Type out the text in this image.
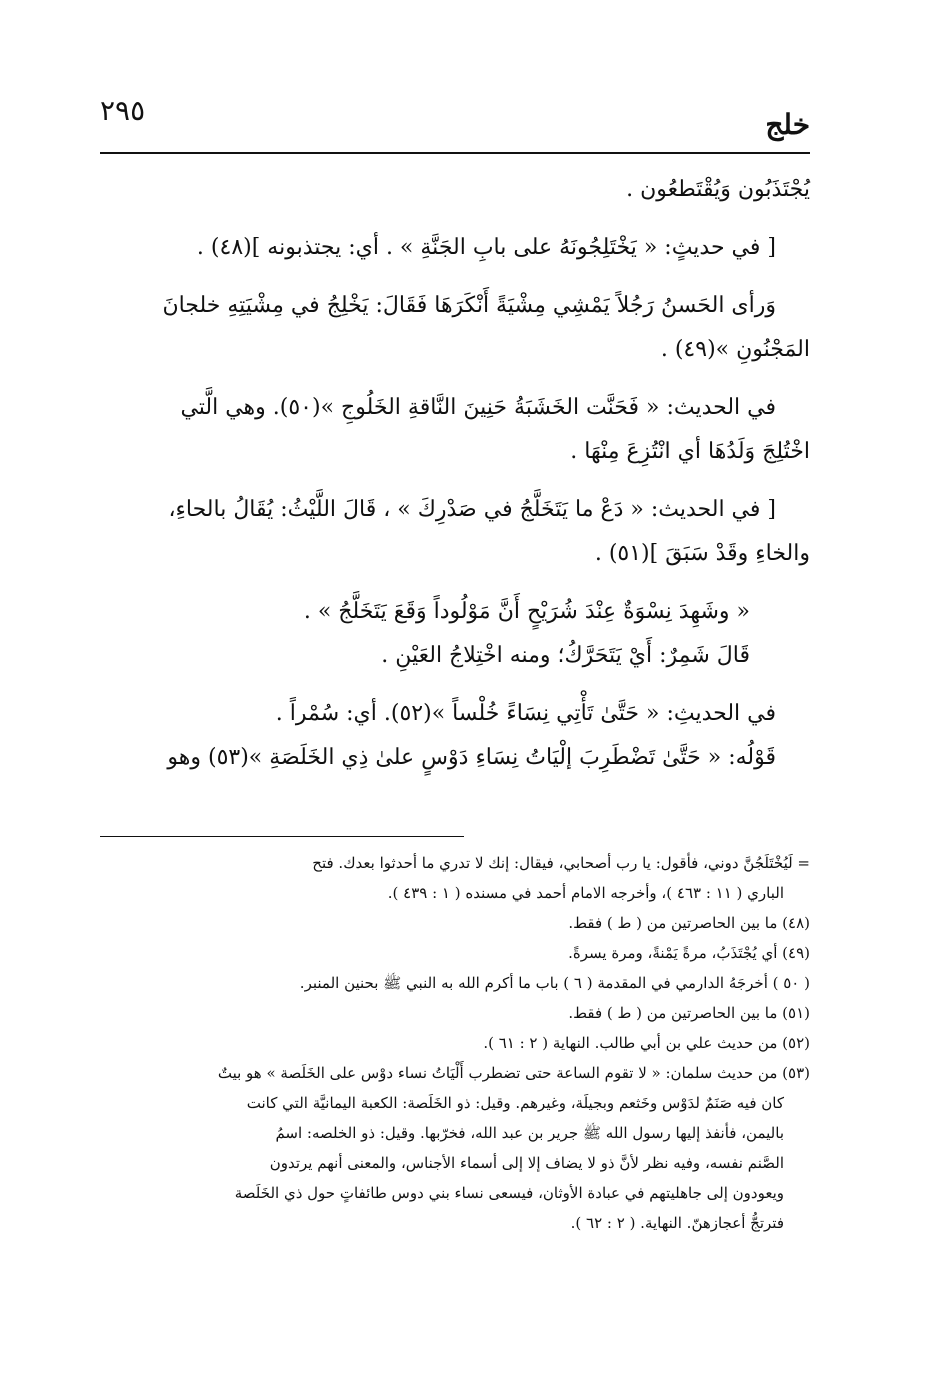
خلج
٢٩٥

يُجْتَذَبُون وَيُقْتَطعُون .

[ في حديثٍ: « يَخْتَلِجُونَهُ على بابِ الجَنَّةِ » . أي: يجتذبونه ](٤٨) .

وَرأى الحَسنُ رَجُلاً يَمْشِي مِشْيَةً أَنْكَرَهَا فَقَالَ: يَخْلِجُ في مِشْيَتِهِ خلجانَ
المَجْنُونِ »(٤٩) .
في الحديث: « فَحَنَّت الخَشَبَةُ حَنِينَ النَّاقةِ الخَلُوجِ »(٥٠). وهي الَّتي
اخْتُلِجَ وَلَدُهَا أي انْتُزِعَ مِنْهَا .
[ في الحديث: « دَعْ ما يَتَخَلَّجُ في صَدْرِكَ » ، قَالَ اللَّيْثُ: يُقَالُ بالحاءِ،
والخاءِ وقَدْ سَبَقَ ](٥١) .
« وشَهِدَ نِسْوَةٌ عِنْدَ شُرَيْحٍ أَنَّ مَوْلُوداً وَقَعَ يَتَخَلَّجُ » .
قَالَ شَمِرٌ: أَيْ يَتَحَرَّكُ؛ ومنه اخْتِلاجُ العَيْنِ .
في الحديثِ: « حَتَّىٰ تَأْتِي نِسَاءً خُلْساً »(٥٢). أي: سُمْراً .
قَوْلُه: « حَتَّىٰ تَضْطَرِبَ إلْيَاتُ نِسَاءِ دَوْسٍ علىٰ ذِي الخَلَصَةِ »(٥٣) وهو

= لَيُخْتَلَجُنَّ دوني، فأقول: يا رب أصحابي، فيقال: إنك لا تدري ما أحدثوا بعدك. فتح

الباري ( ١١ : ٤٦٣ )، وأخرجه الامام أحمد في مسنده ( ١ : ٤٣٩ ).

(٤٨) ما بين الحاصرتين من ( ط ) فقط.

(٤٩) أي يُجْتَذَبُ، مرةً يَمْنةً، ومرة يسرةً.

( ٥٠ ) أخرجَهُ الدارمي في المقدمة ( ٦ ) باب ما أكرم الله به النبي ﷺ بحنين المنبر.

(٥١) ما بين الحاصرتين من ( ط ) فقط.

(٥٢) من حديث علي بن أبي طالب. النهاية ( ٢ : ٦١ ).

(٥٣) من حديث سلمان: « لا تقوم الساعة حتى تضطرب أَلْيَاتُ نساء دوْس على الخَلَصة » هو بيتٌ

كان فيه صَنَمٌ لدَوْس وخَثعم وبجيلَة، وغيرهم. وقيل: ذو الخَلَصة: الكعبة اليمانيَّة التي كانت

باليمن، فأنفذ إليها رسول الله ﷺ جرير بن عبد الله، فخرّبها. وقيل: ذو الخلصه: اسمُ

الصَّنم نفسه، وفيه نظر لأنَّ ذو لا يضاف إلا إلى أسماء الأجناس، والمعنى أنهم يرتدون

ويعودون إلى جاهليتهم في عبادة الأوثان، فيسعى نساء بني دوس طائفاتٍ حول ذي الخَلَصة

فترتجُّ أعجازهنّ. النهاية. ( ٢ : ٦٢ ).
